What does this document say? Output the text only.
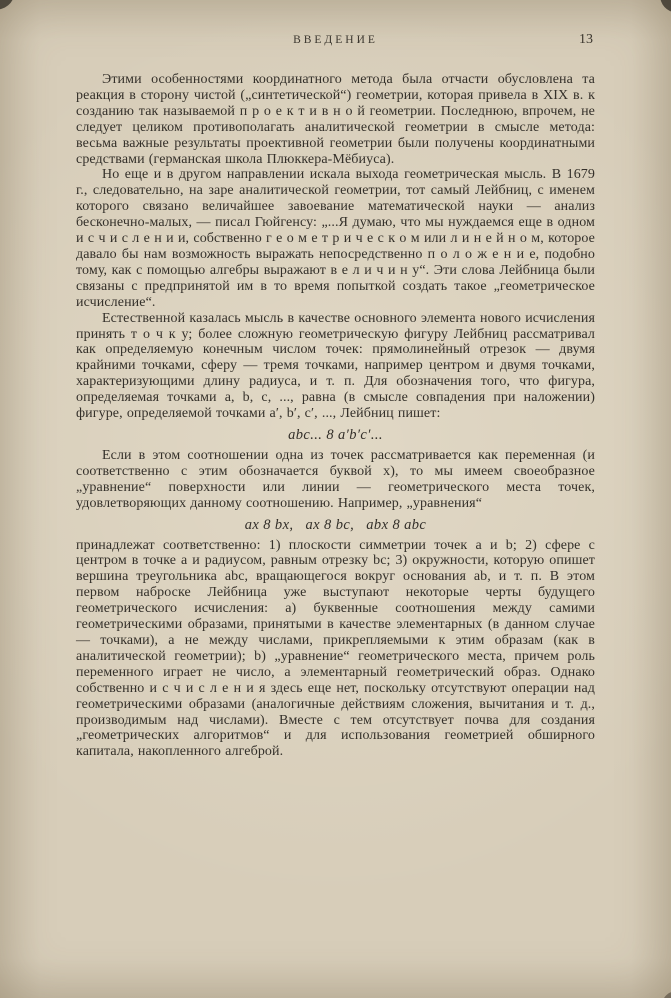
ВВЕДЕНИЕ	13

Этими особенностями координатного метода была отчасти обусловлена та реакция в сторону чистой („синтетической“) геометрии, которая привела в XIX в. к созданию так называемой п р о е к т и в н о й геометрии. Последнюю, впрочем, не следует целиком противополагать аналитической геометрии в смысле метода: весьма важные результаты проективной геометрии были получены координатными средствами (германская школа Плюккера-Мёбиуса).

Но еще и в другом направлении искала выхода геометрическая мысль. В 1679 г., следовательно, на заре аналитической геометрии, тот самый Лейбниц, с именем которого связано величайшее завоевание математической науки — анализ бесконечно-малых, — писал Гюйгенсу: „...Я думаю, что мы нуждаемся еще в одном и с ч и с л е н и и, собственно г е о м е т р и ч е с к о м или л и н е й н о м, которое давало бы нам возможность выражать непосредственно п о л о ж е н и е, подобно тому, как с помощью алгебры выражают в е л и ч и н у“. Эти слова Лейбница были связаны с предпринятой им в то время попыткой создать такое „геометрическое исчисление“.

Естественной казалась мысль в качестве основного элемента нового исчисления принять т о ч к у; более сложную геометрическую фигуру Лейбниц рассматривал как определяемую конечным числом точек: прямолинейный отрезок — двумя крайними точками, сферу — тремя точками, например центром и двумя точками, характеризующими длину радиуса, и т. п. Для обозначения того, что фигура, определяемая точками a, b, c, ..., равна (в смысле совпадения при наложении) фигуре, определяемой точками a′, b′, c′, ..., Лейбниц пишет:

abc... 8 a′b′c′...

Если в этом соотношении одна из точек рассматривается как переменная (и соответственно с этим обозначается буквой x), то мы имеем своеобразное „уравнение“ поверхности или линии — геометрического места точек, удовлетворяющих данному соотношению. Например, „уравнения“

ax 8 bx,   ax 8 bc,   abx 8 abc

принадлежат соответственно: 1) плоскости симметрии точек a и b; 2) сфере с центром в точке a и радиусом, равным отрезку bc; 3) окружности, которую опишет вершина треугольника abc, вращающегося вокруг основания ab, и т. п. В этом первом наброске Лейбница уже выступают некоторые черты будущего геометрического исчисления: a) буквенные соотношения между самими геометрическими образами, принятыми в качестве элементарных (в данном случае — точками), а не между числами, прикрепляемыми к этим образам (как в аналитической геометрии); b) „уравнение“ геометрического места, причем роль переменного играет не число, а элементарный геометрический образ. Однако собственно и с ч и с л е н и я здесь еще нет, поскольку отсутствуют операции над геометрическими образами (аналогичные действиям сложения, вычитания и т. д., производимым над числами). Вместе с тем отсутствует почва для создания „геометрических алгоритмов“ и для использования геометрией обширного капитала, накопленного алгеброй.
